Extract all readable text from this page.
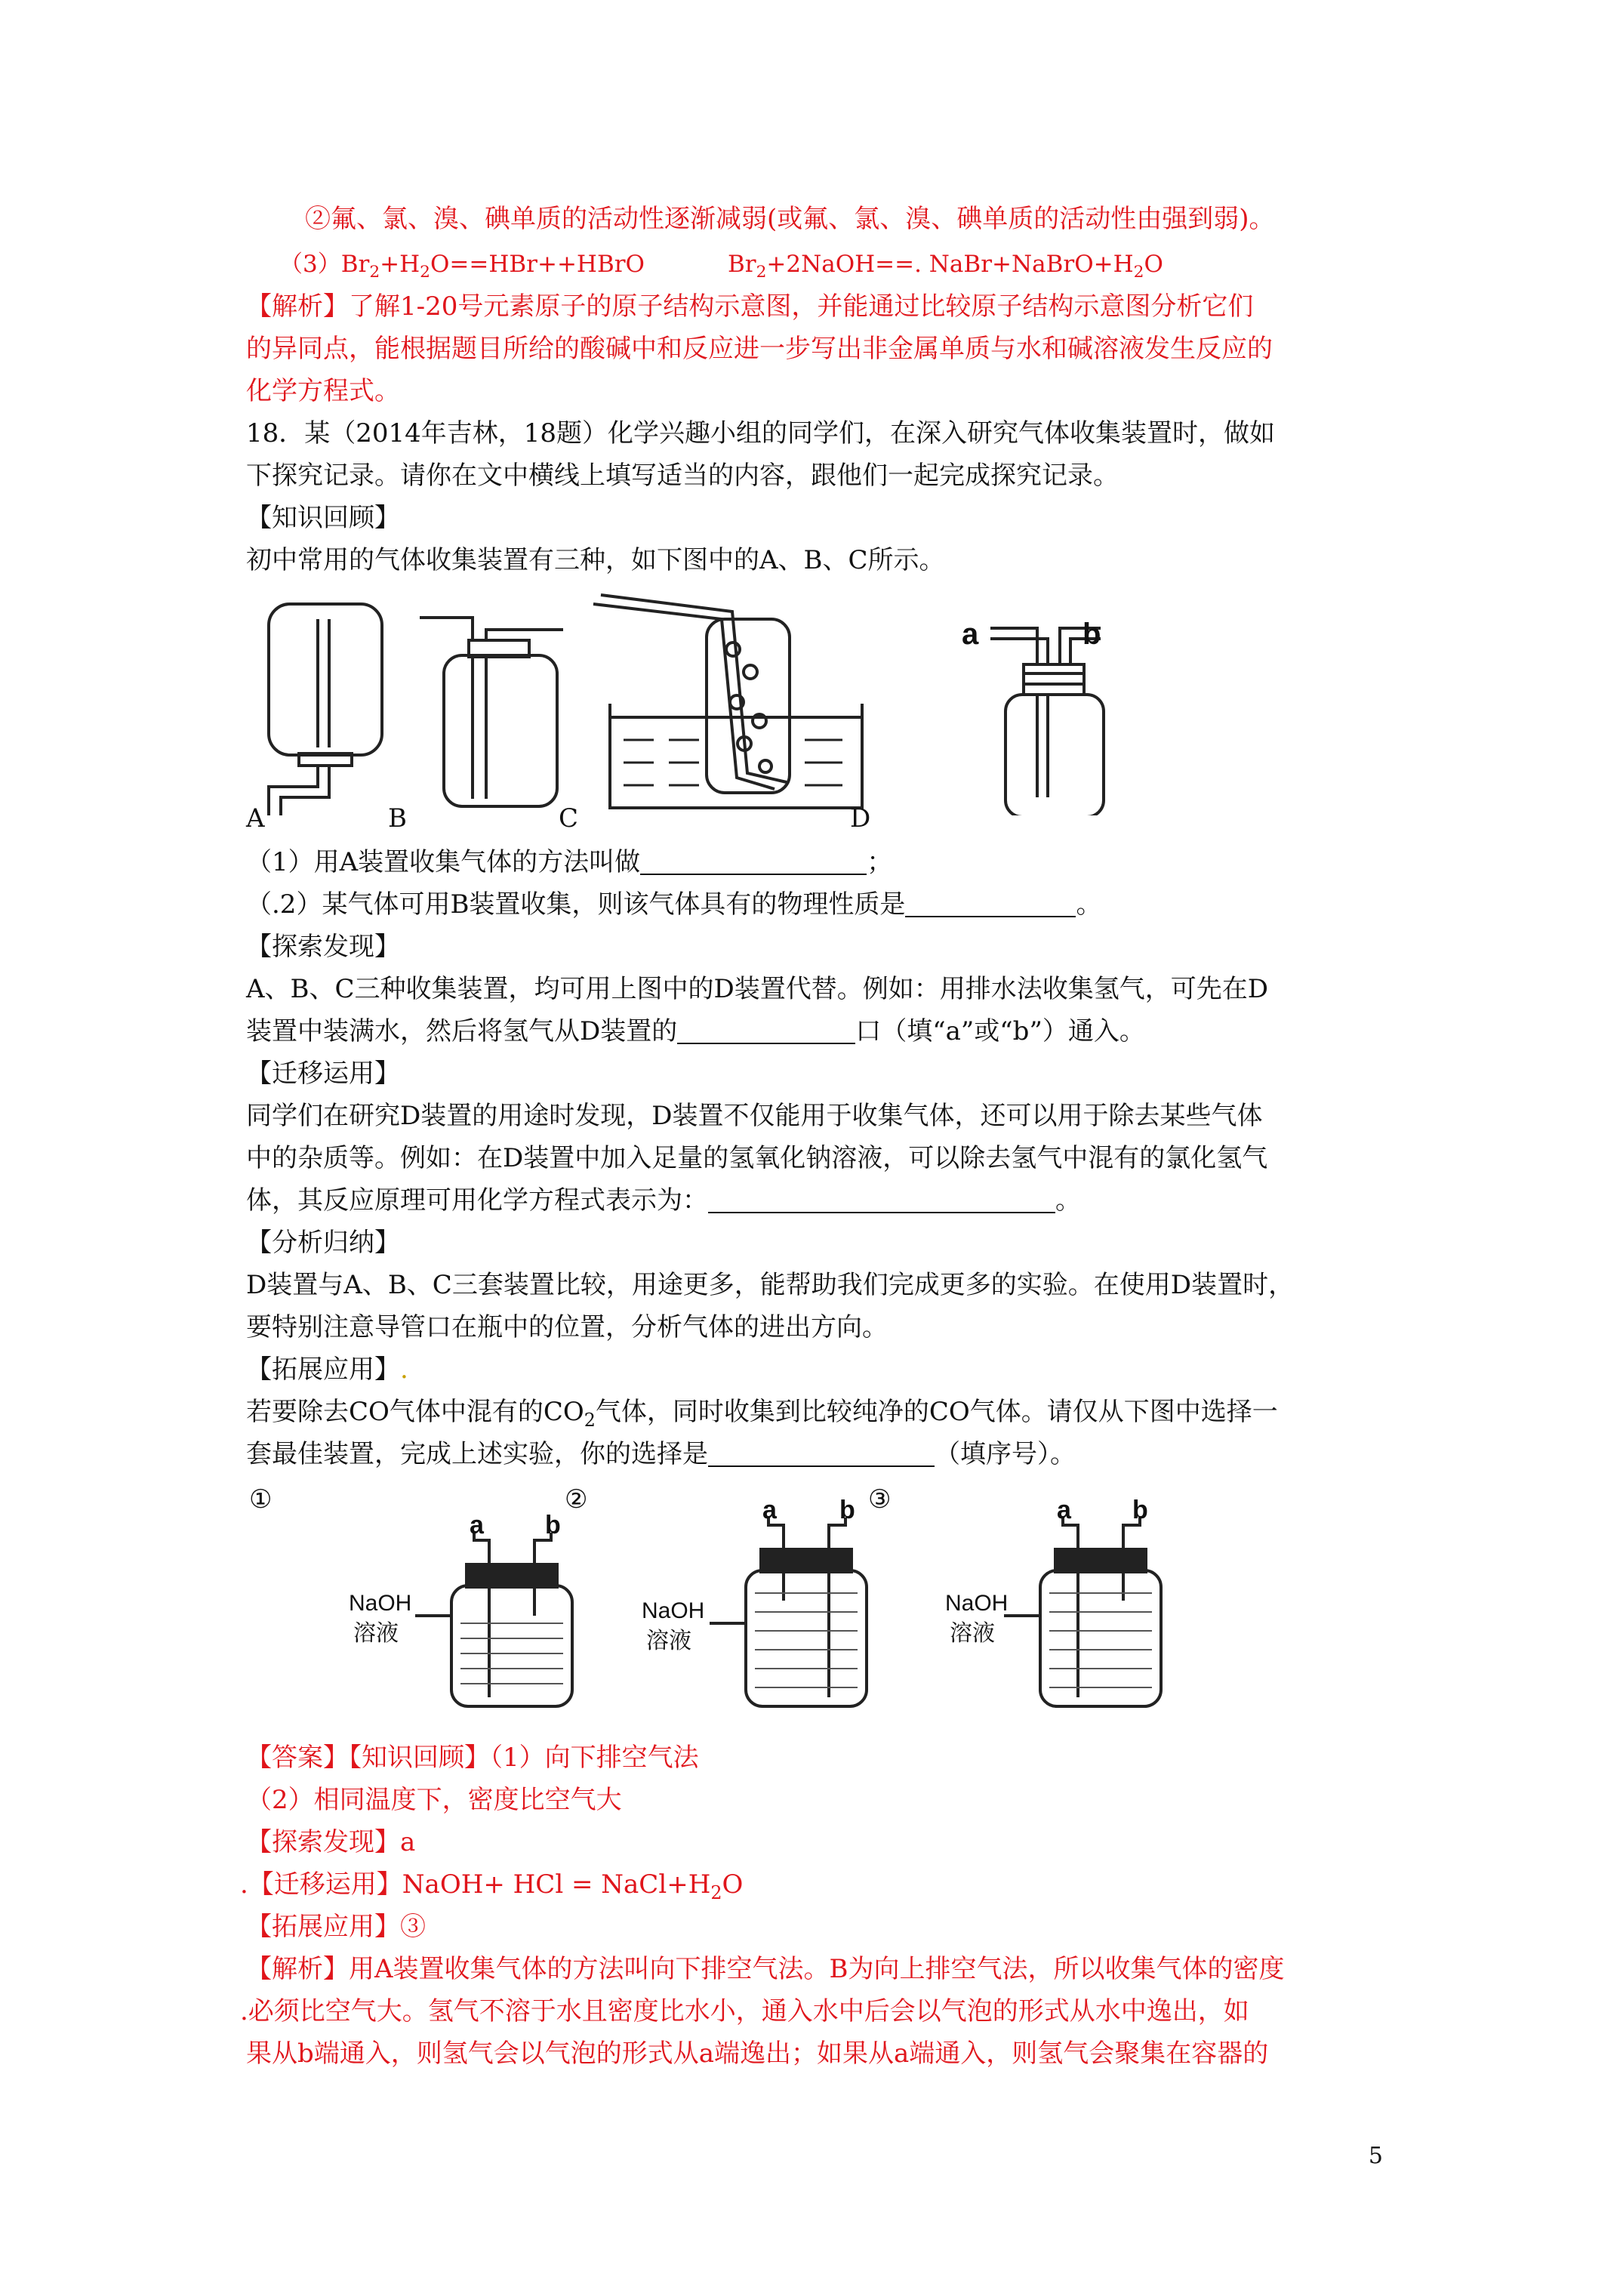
②氟、氯、溴、碘单质的活动性逐渐减弱(或氟、氯、溴、碘单质的活动性由强到弱)。
$(3)Br_2+H_2O==HBr++HBrO$	$Br_2+2NaOH==$. $NaBr+NaBrO+H_2O$
【解析】了解1-20号元素原子的原子结构示意图，并能通过比较原子结构示意图分析它们
的异同点，能根据题目所给的酸碱中和反应进一步写出非金属单质与水和碱溶液发生反应的
化学方程式。
18．某（2014年吉林，18题）化学兴趣小组的同学们，在深入研究气体收集装置时，做如
下探究记录。请你在文中横线上填写适当的内容，跟他们一起完成探究记录。
【知识回顾】
初中常用的气体收集装置有三种，如下图中的A、B、C所示。
A	B	C	D
a	b
（1）用A装置收集气体的方法叫做	；
（.2）某气体可用B装置收集，则该气体具有的物理性质是	。
【探索发现】
A、B、C三种收集装置，均可用上图中的D装置代替。例如：用排水法收集氢气，可先在D
装置中装满水，然后将氢气从D装置的	口（填“a”或“b”）通入。
【迁移运用】
同学们在研究D装置的用途时发现，D装置不仅能用于收集气体，还可以用于除去某些气体
中的杂质等。例如：在D装置中加入足量的氢氧化钠溶液，可以除去氢气中混有的氯化氢气
体，其反应原理可用化学方程式表示为：	。
【分析归纳】
D装置与A、B、C三套装置比较，用途更多，能帮助我们完成更多的实验。在使用D装置时，
要特别注意导管口在瓶中的位置，分析气体的进出方向。
【拓展应用】.
若要除去CO气体中混有的$CO_2$气体，同时收集到比较纯净的CO气体。请仅从下图中选择一
套最佳装置，完成上述实验，你的选择是	（填序号）。
①	②	③
a b
a b	a b
NaOH
溶液
NaOH
溶液
NaOH
溶液
【答案】【知识回顾】（1）向下排空气法
（2）相同温度下，密度比空气大
【探索发现】a
.【迁移运用】NaOH+ HCl = $NaCl+H_2O$
【拓展应用】③
【解析】用A装置收集气体的方法叫向下排空气法。B为向上排空气法，所以收集气体的密度
.必须比空气大。氢气不溶于水且密度比水小，通入水中后会以气泡的形式从水中逸出，如
果从b端通入，则氢气会以气泡的形式从a端逸出；如果从a端通入，则氢气会聚集在容器的
5
